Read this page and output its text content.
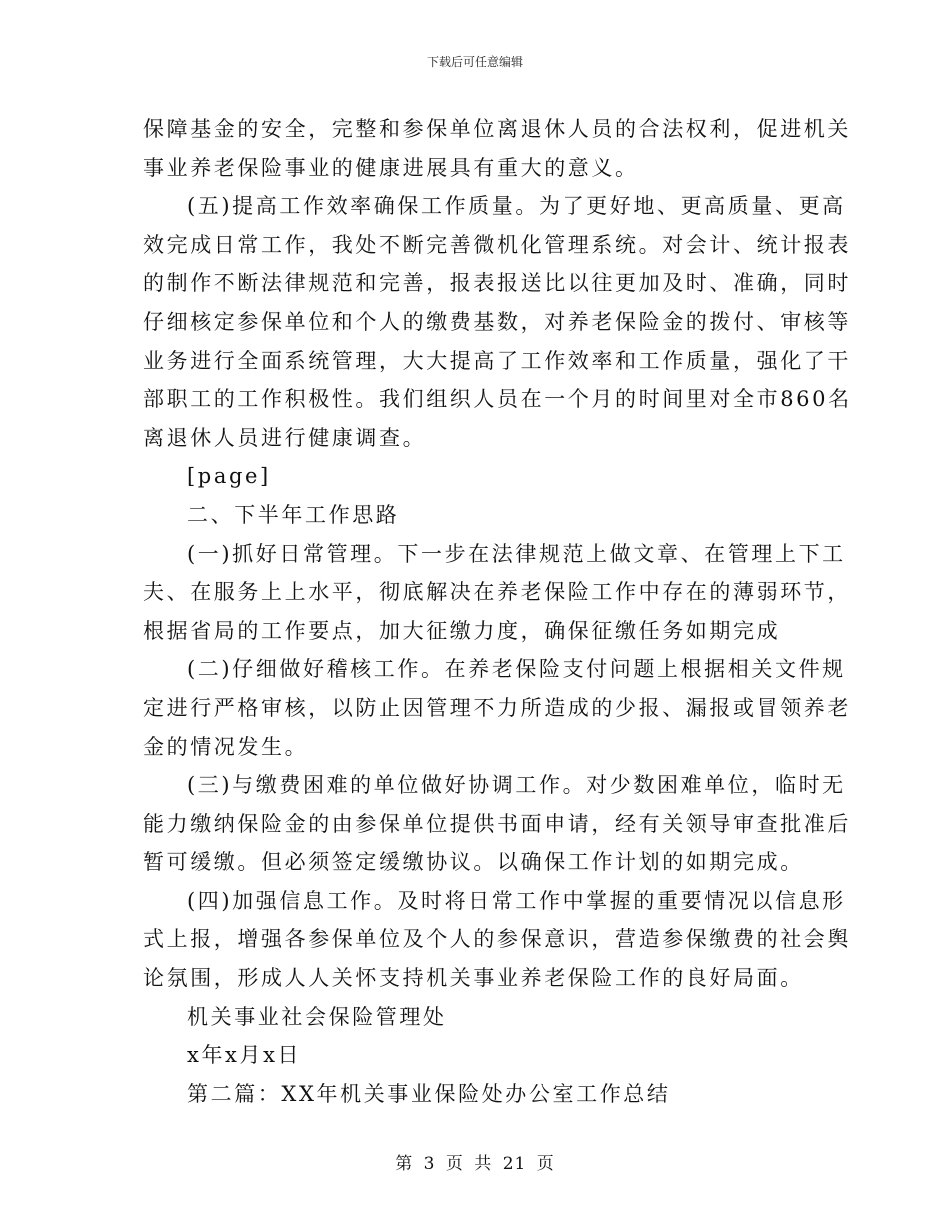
下载后可任意编辑
保障基金的安全，完整和参保单位离退休人员的合法权利，促进机关
事业养老保险事业的健康进展具有重大的意义。
(五)提高工作效率确保工作质量。为了更好地、更高质量、更高
效完成日常工作，我处不断完善微机化管理系统。对会计、统计报表
的制作不断法律规范和完善，报表报送比以往更加及时、准确，同时
仔细核定参保单位和个人的缴费基数，对养老保险金的拨付、审核等
业务进行全面系统管理，大大提高了工作效率和工作质量，强化了干
部职工的工作积极性。我们组织人员在一个月的时间里对全市860名
离退休人员进行健康调查。
[page]
二、下半年工作思路
(一)抓好日常管理。下一步在法律规范上做文章、在管理上下工
夫、在服务上上水平，彻底解决在养老保险工作中存在的薄弱环节，
根据省局的工作要点，加大征缴力度，确保征缴任务如期完成
(二)仔细做好稽核工作。在养老保险支付问题上根据相关文件规
定进行严格审核，以防止因管理不力所造成的少报、漏报或冒领养老
金的情况发生。
(三)与缴费困难的单位做好协调工作。对少数困难单位，临时无
能力缴纳保险金的由参保单位提供书面申请，经有关领导审查批准后
暂可缓缴。但必须签定缓缴协议。以确保工作计划的如期完成。
(四)加强信息工作。及时将日常工作中掌握的重要情况以信息形
式上报，增强各参保单位及个人的参保意识，营造参保缴费的社会舆
论氛围，形成人人关怀支持机关事业养老保险工作的良好局面。
机关事业社会保险管理处
x年x月x日
第二篇：XX年机关事业保险处办公室工作总结
第 3 页 共 21 页
